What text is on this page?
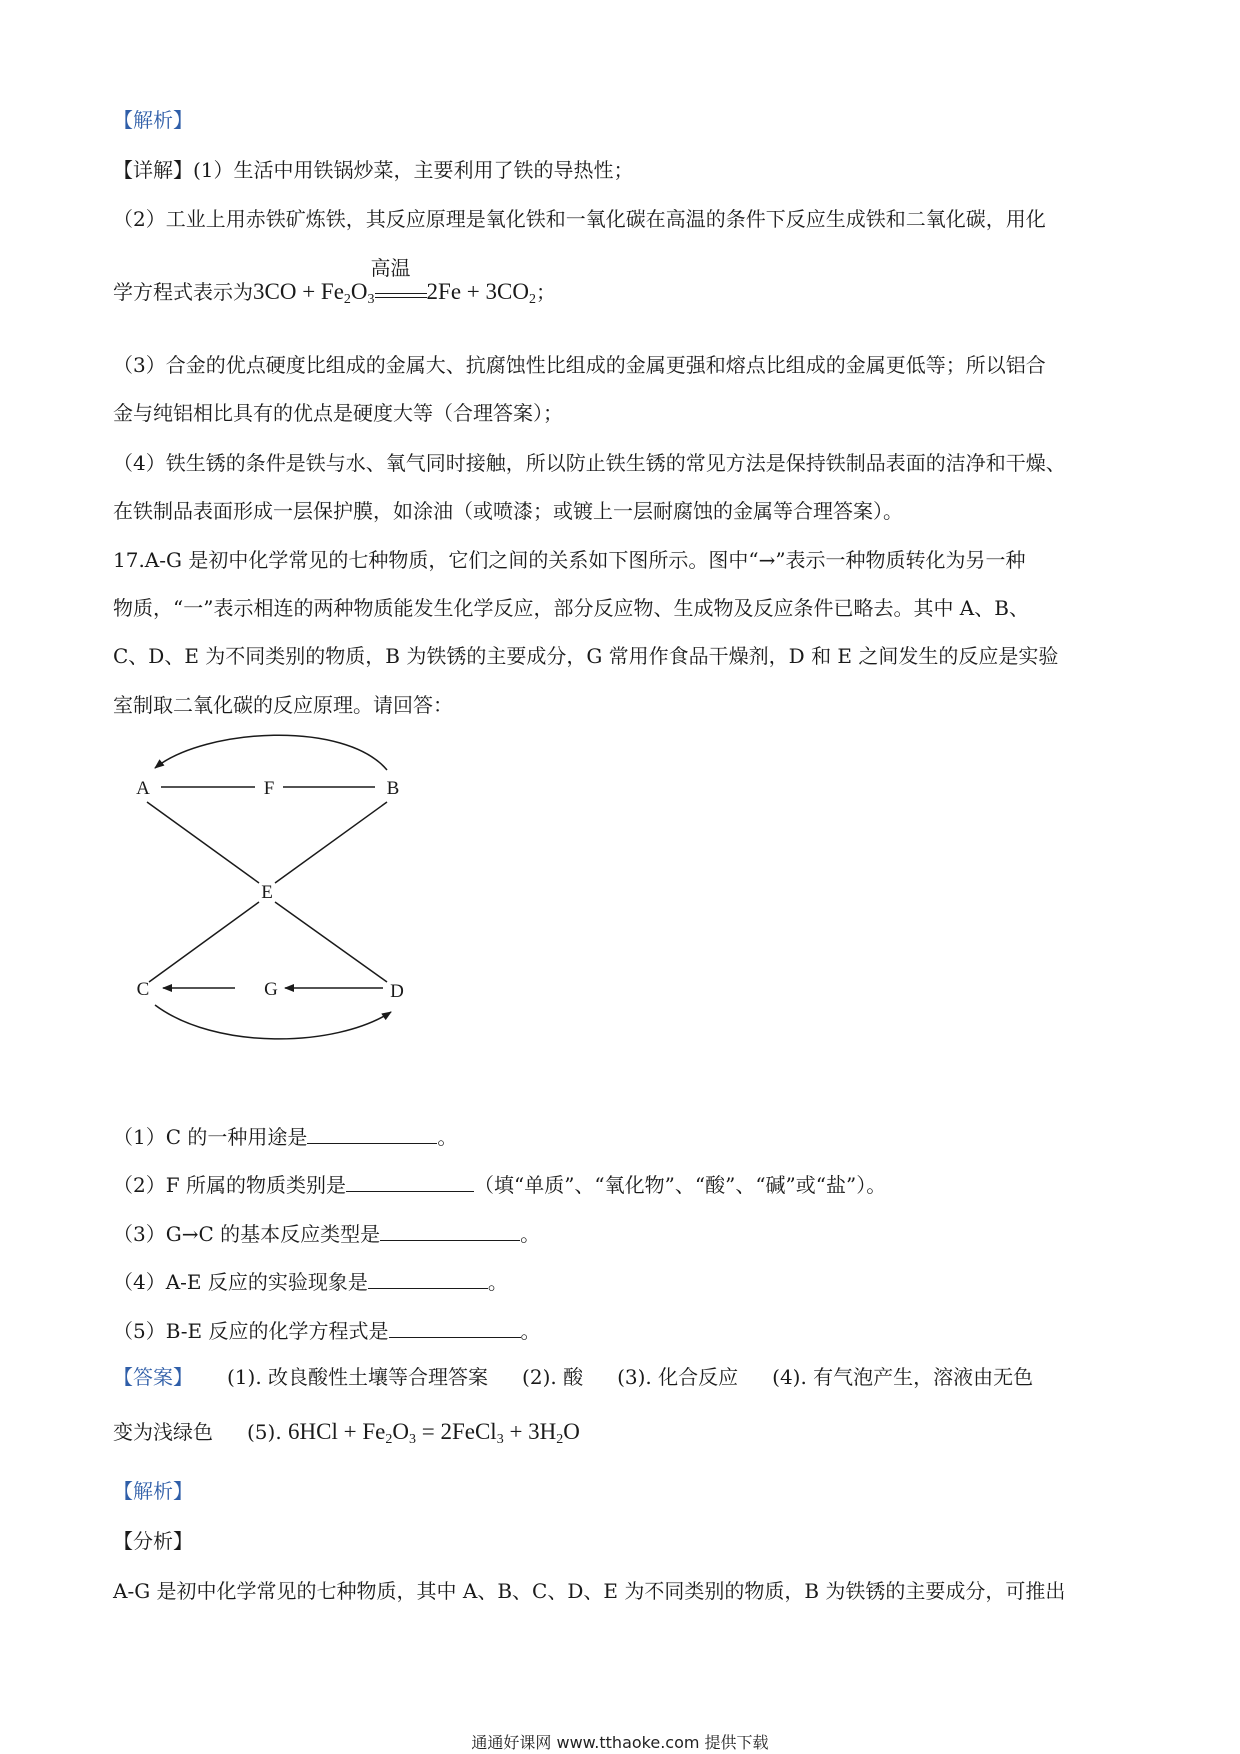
【解析】
【详解】(1）生活中用铁锅炒菜，主要利用了铁的导热性；
（2）工业上用赤铁矿炼铁，其反应原理是氧化铁和一氧化碳在高温的条件下反应生成铁和二氧化碳，用化
学方程式表示为$3CO + Fe_2O_3$
高温
$2Fe + 3CO_2$；
（3）合金的优点硬度比组成的金属大、抗腐蚀性比组成的金属更强和熔点比组成的金属更低等；所以铝合
金与纯铝相比具有的优点是硬度大等（合理答案）；
（4）铁生锈的条件是铁与水、氧气同时接触，所以防止铁生锈的常见方法是保持铁制品表面的洁净和干燥、
在铁制品表面形成一层保护膜，如涂油（或喷漆；或镀上一层耐腐蚀的金属等合理答案）。
17.A-G 是初中化学常见的七种物质，它们之间的关系如下图所示。图中“→”表示一种物质转化为另一种
物质，“一”表示相连的两种物质能发生化学反应，部分反应物、生成物及反应条件已略去。其中 A、B、
C、D、E 为不同类别的物质，B 为铁锈的主要成分，G 常用作食品干燥剂，D 和 E 之间发生的反应是实验
室制取二氧化碳的反应原理。请回答：
A	F	B
E
C	G	D
（1）C 的一种用途是	。
（2）F 所属的物质类别是	（填“单质”、“氧化物”、“酸”、“碱”或“盐”）。
（3）G→C 的基本反应类型是	。
（4）A-E 反应的实验现象是	。
（5）B-E 反应的化学方程式是	。
【答案】 (1). 改良酸性土壤等合理答案 (2). 酸 (3). 化合反应 (4). 有气泡产生，溶液由无色
变为浅绿色 (5). $6HCl + Fe_2O_3$ = 2FeCl$_3$ + $3H_2O$
【解析】
【分析】
A-G 是初中化学常见的七种物质，其中 A、B、C、D、E 为不同类别的物质，B 为铁锈的主要成分，可推出
通通好课网 www.tthaoke.com 提供下载
